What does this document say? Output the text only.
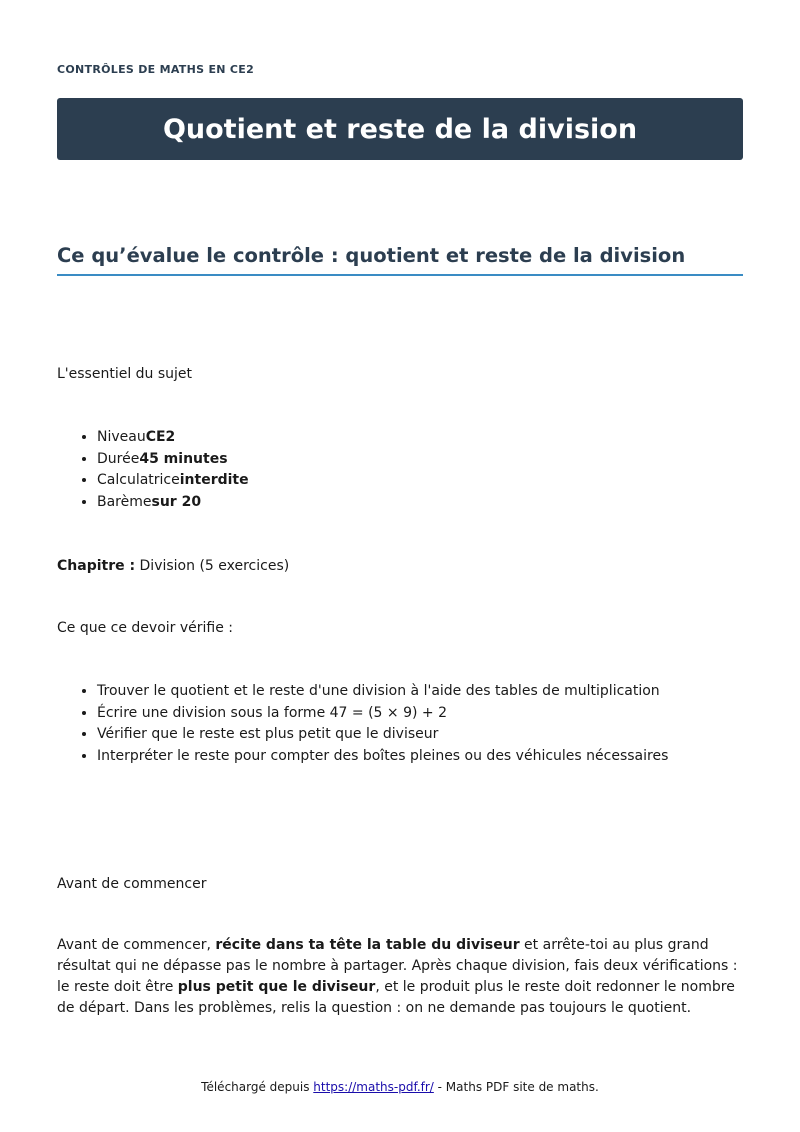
CONTRÔLES DE MATHS EN CE2
Quotient et reste de la division
Ce qu’évalue le contrôle : quotient et reste de la division
L'essentiel du sujet
• NiveauCE2
• Durée45 minutes
• Calculatriceinterdite
• Barèmesur 20
Chapitre : Division (5 exercices)
Ce que ce devoir vérifie :
• Trouver le quotient et le reste d'une division à l'aide des tables de multiplication
• Écrire une division sous la forme 47 = (5 × 9) + 2
• Vérifier que le reste est plus petit que le diviseur
• Interpréter le reste pour compter des boîtes pleines ou des véhicules nécessaires
Avant de commencer
Avant de commencer, récite dans ta tête la table du diviseur et arrête-toi au plus grand résultat qui ne dépasse pas le nombre à partager. Après chaque division, fais deux vérifications : le reste doit être plus petit que le diviseur, et le produit plus le reste doit redonner le nombre de départ. Dans les problèmes, relis la question : on ne demande pas toujours le quotient.
Téléchargé depuis https://maths-pdf.fr/ - Maths PDF site de maths.
